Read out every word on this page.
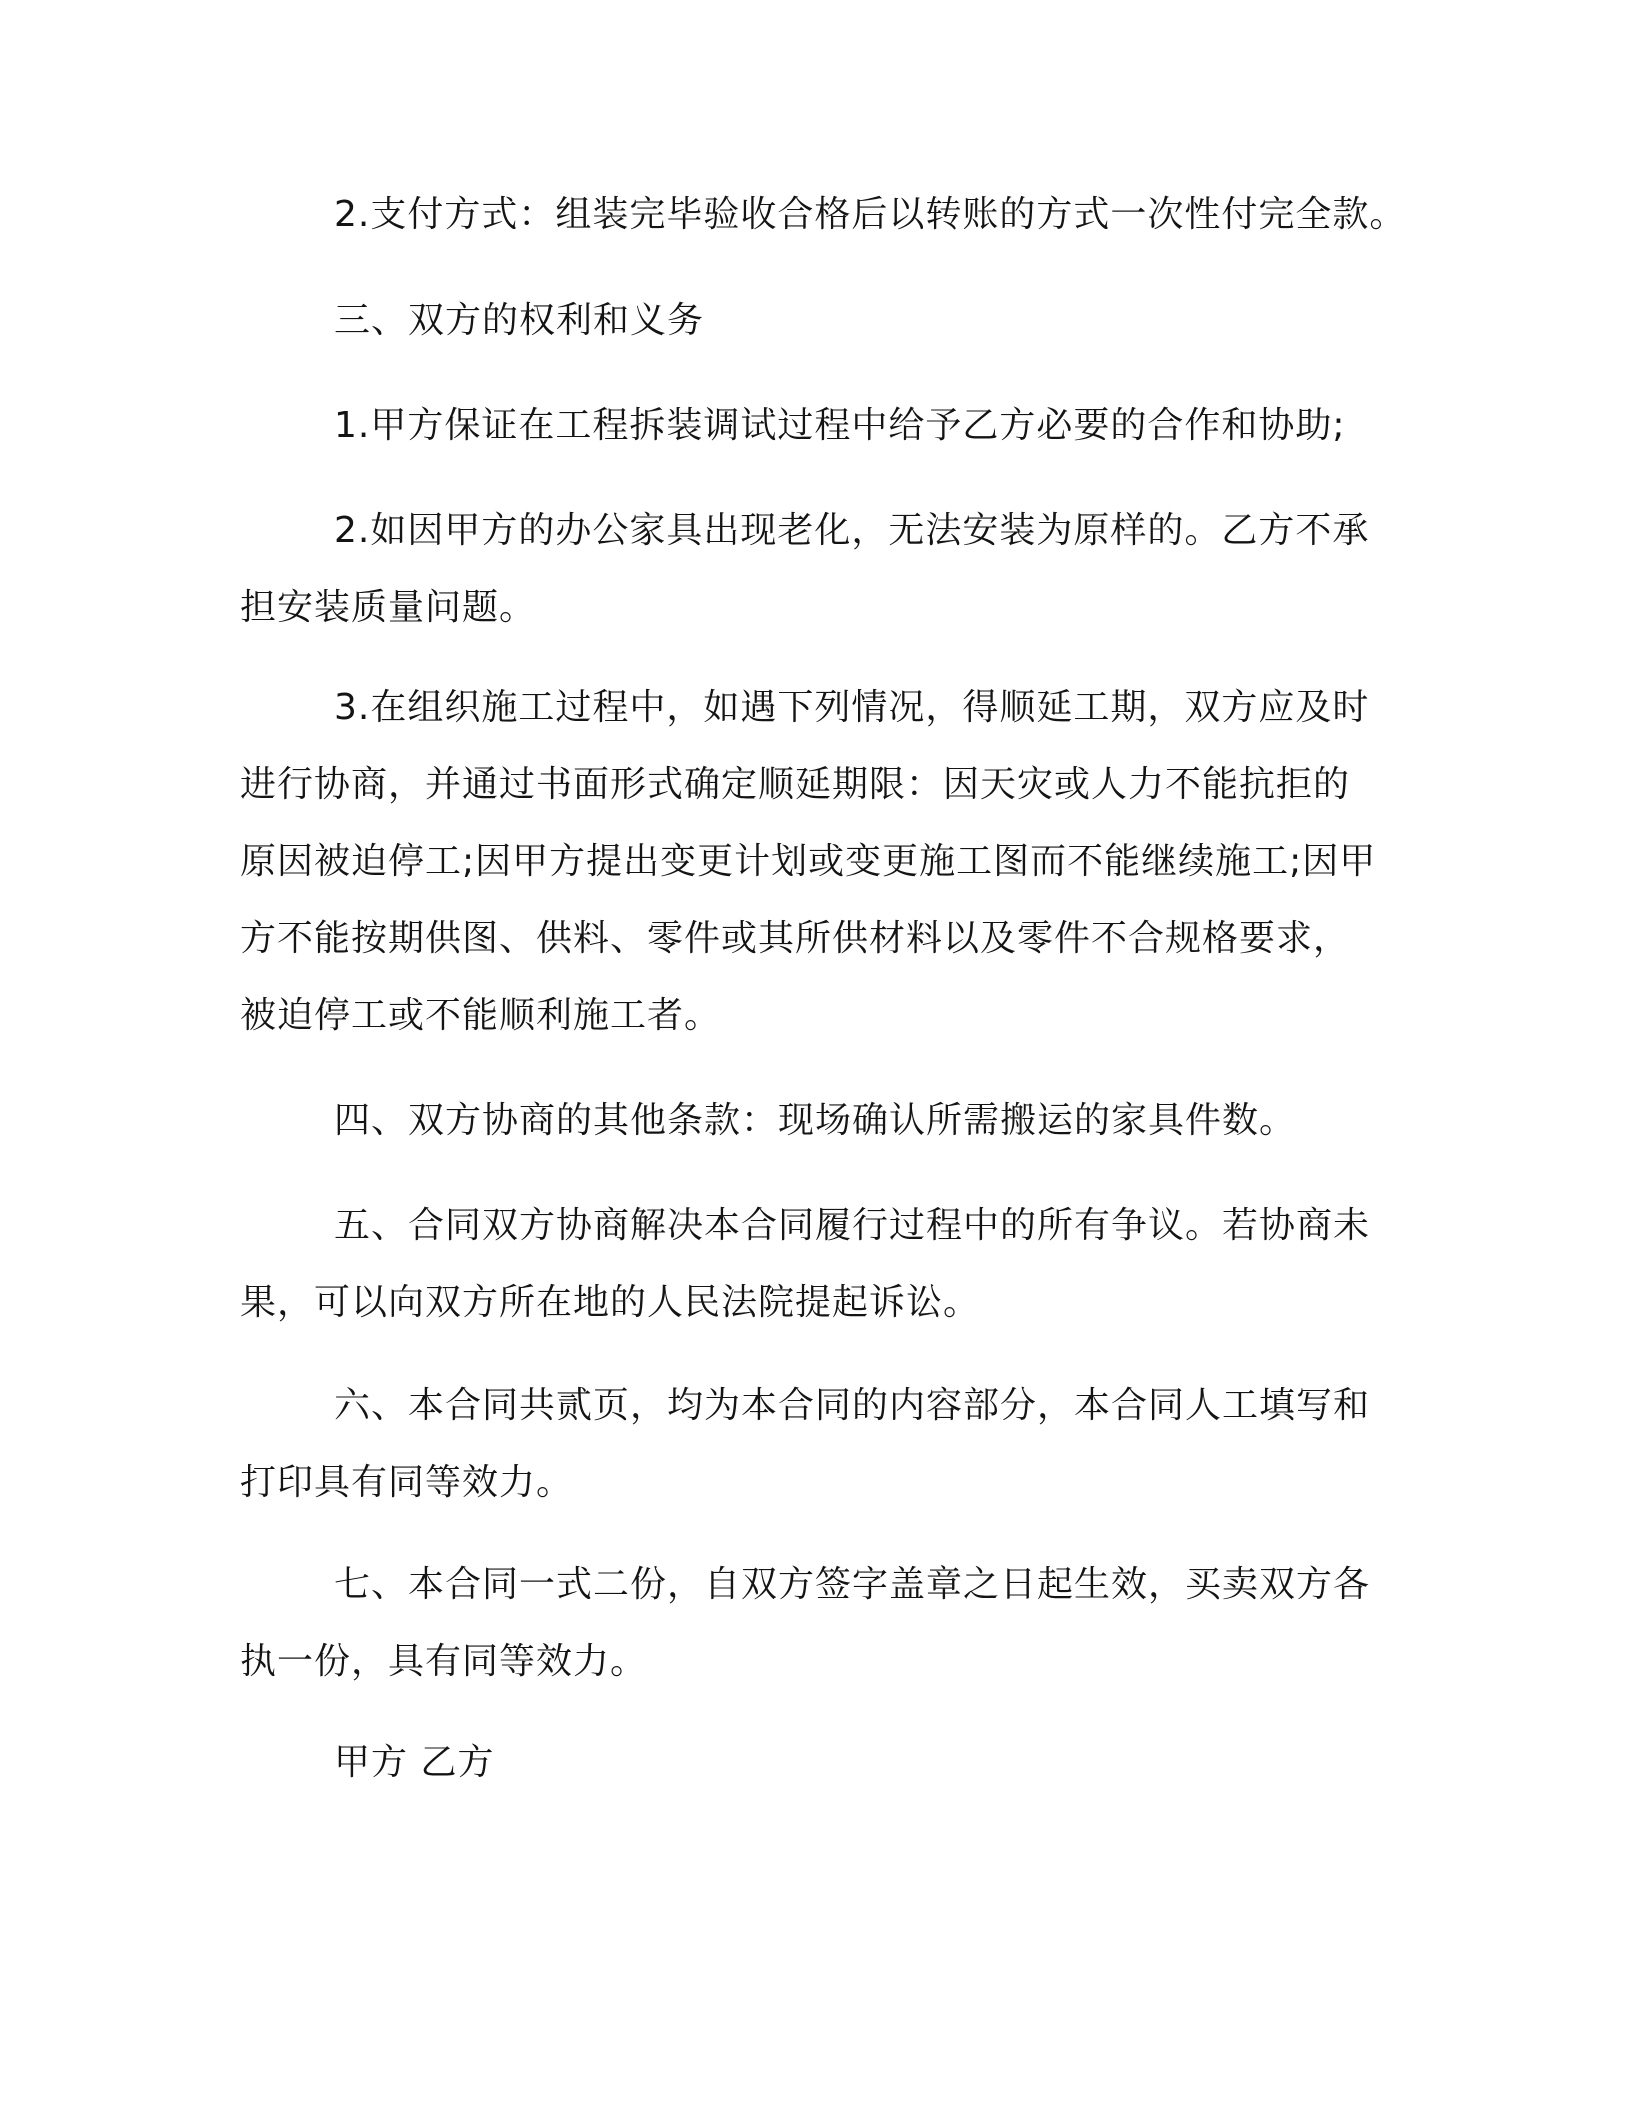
2.支付方式：组装完毕验收合格后以转账的方式一次性付完全款。

三、双方的权利和义务

1.甲方保证在工程拆装调试过程中给予乙方必要的合作和协助;

2.如因甲方的办公家具出现老化，无法安装为原样的。乙方不承
担安装质量问题。

3.在组织施工过程中，如遇下列情况，得顺延工期，双方应及时
进行协商，并通过书面形式确定顺延期限：因天灾或人力不能抗拒的
原因被迫停工;因甲方提出变更计划或变更施工图而不能继续施工;因甲
方不能按期供图、供料、零件或其所供材料以及零件不合规格要求，
被迫停工或不能顺利施工者。

四、双方协商的其他条款：现场确认所需搬运的家具件数。

五、合同双方协商解决本合同履行过程中的所有争议。若协商未
果，可以向双方所在地的人民法院提起诉讼。

六、本合同共贰页，均为本合同的内容部分，本合同人工填写和
打印具有同等效力。

七、本合同一式二份，自双方签字盖章之日起生效，买卖双方各
执一份，具有同等效力。

甲方 乙方
